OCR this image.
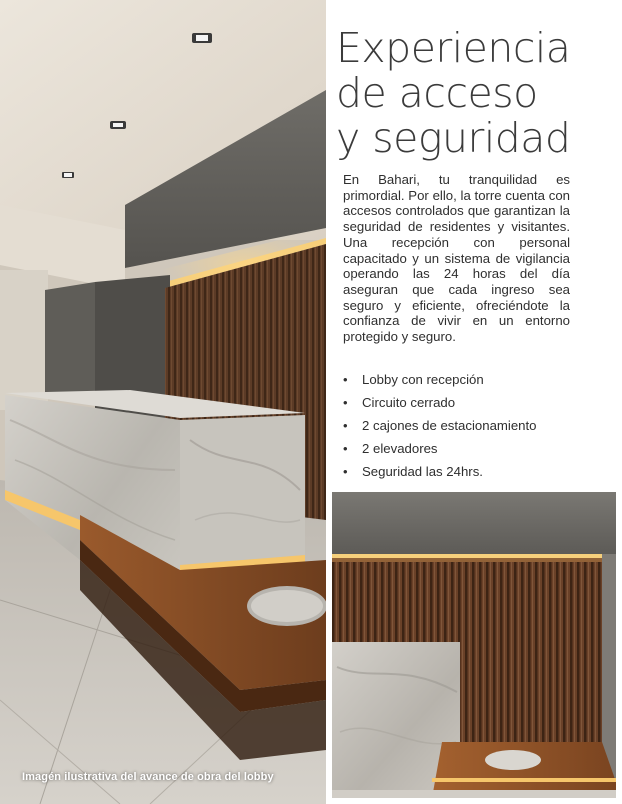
Imagén ilustrativa del avance de obra del lobby
Experiencia
de acceso
y seguridad

En Bahari, tu tranquilidad es primordial. Por ello, la torre cuenta con accesos controlados que garantizan la seguridad de residentes y visitantes. Una recepción con personal capacitado y un sistema de vigilancia operando las 24 horas del día aseguran que cada ingreso sea seguro y eficiente, ofreciéndote la confianza de vivir en un entorno protegido y seguro.

•	Lobby con recepción
•	Circuito cerrado
•	2 cajones de estacionamiento
•	2 elevadores
•	Seguridad las 24hrs.
